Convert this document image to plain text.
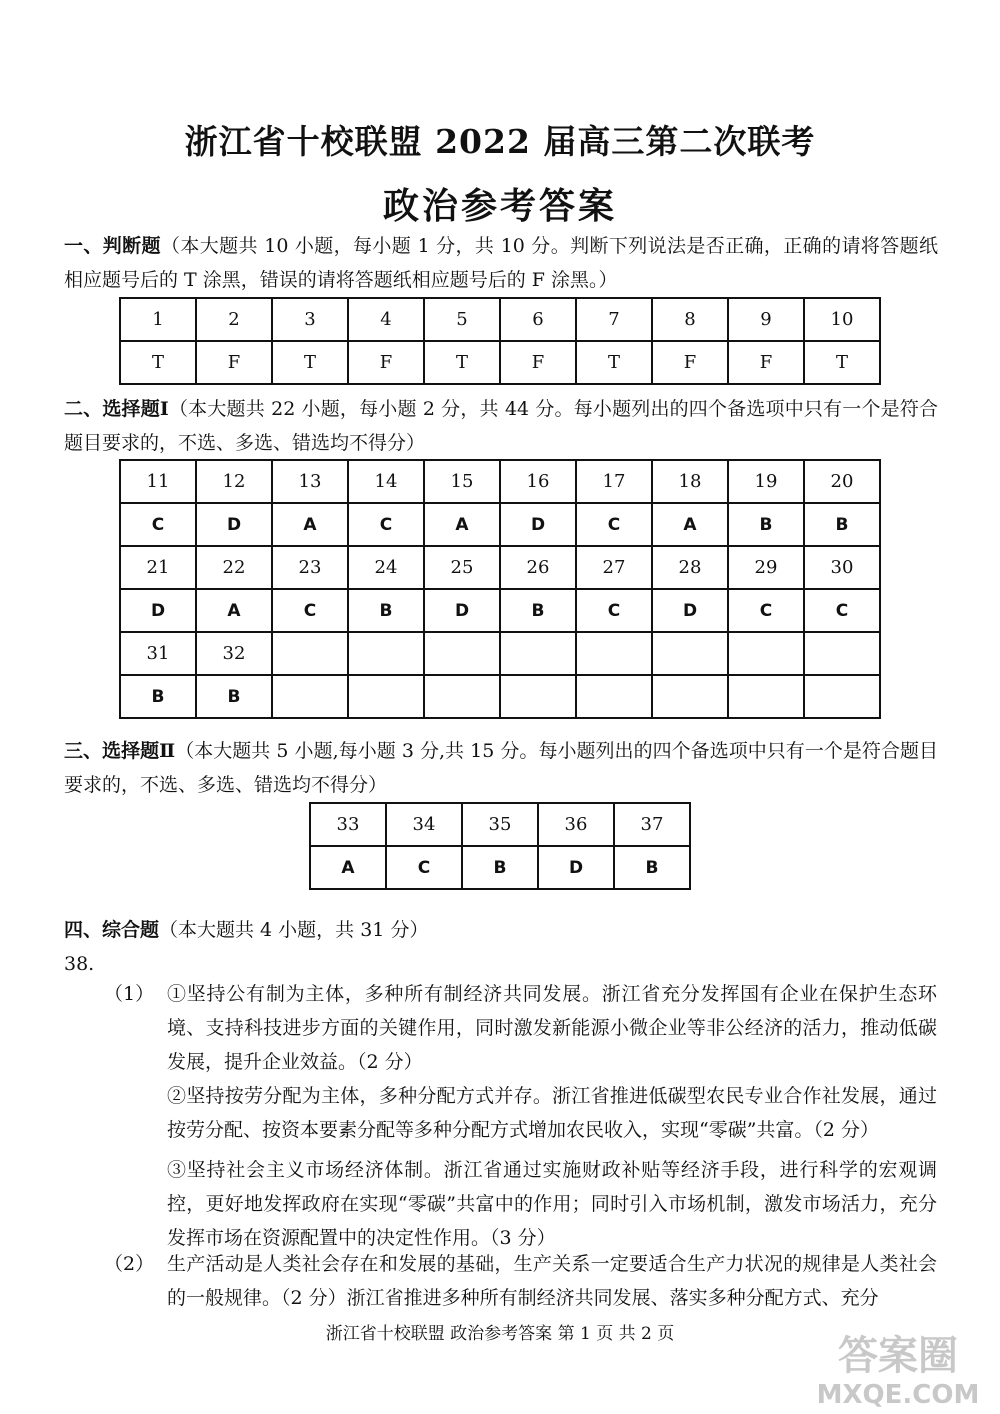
浙江省十校联盟 2022 届高三第二次联考
政治参考答案

一、判断题（本大题共 10 小题，每小题 1 分，共 10 分。判断下列说法是否正确，正确的请将答题纸相应题号后的 T 涂黑，错误的请将答题纸相应题号后的 F 涂黑。）

1	2	3	4	5	6	7	8	9	10
T	F	T	F	T	F	T	F	F	T

二、选择题Ⅰ（本大题共 22 小题，每小题 2 分，共 44 分。每小题列出的四个备选项中只有一个是符合题目要求的，不选、多选、错选均不得分）

11	12	13	14	15	16	17	18	19	20
C	D	A	C	A	D	C	A	B	B
21	22	23	24	25	26	27	28	29	30
D	A	C	B	D	B	C	D	C	C
31	32								
B	B								

三、选择题Ⅱ（本大题共 5 小题,每小题 3 分,共 15 分。每小题列出的四个备选项中只有一个是符合题目要求的，不选、多选、错选均不得分）

33	34	35	36	37
A	C	B	D	B

四、综合题（本大题共 4 小题，共 31 分）

38.

（1） ①坚持公有制为主体，多种所有制经济共同发展。浙江省充分发挥国有企业在保护生态环境、支持科技进步方面的关键作用，同时激发新能源小微企业等非公经济的活力，推动低碳发展，提升企业效益。（2 分）

②坚持按劳分配为主体，多种分配方式并存。浙江省推进低碳型农民专业合作社发展，通过按劳分配、按资本要素分配等多种分配方式增加农民收入，实现“零碳”共富。（2 分）

③坚持社会主义市场经济体制。浙江省通过实施财政补贴等经济手段，进行科学的宏观调控，更好地发挥政府在实现“零碳”共富中的作用；同时引入市场机制，激发市场活力，充分发挥市场在资源配置中的决定性作用。（3 分）

（2） 生产活动是人类社会存在和发展的基础，生产关系一定要适合生产力状况的规律是人类社会的一般规律。（2 分）浙江省推进多种所有制经济共同发展、落实多种分配方式、充分

浙江省十校联盟 政治参考答案 第 1 页 共 2 页	答案圈
MXQE.COM
